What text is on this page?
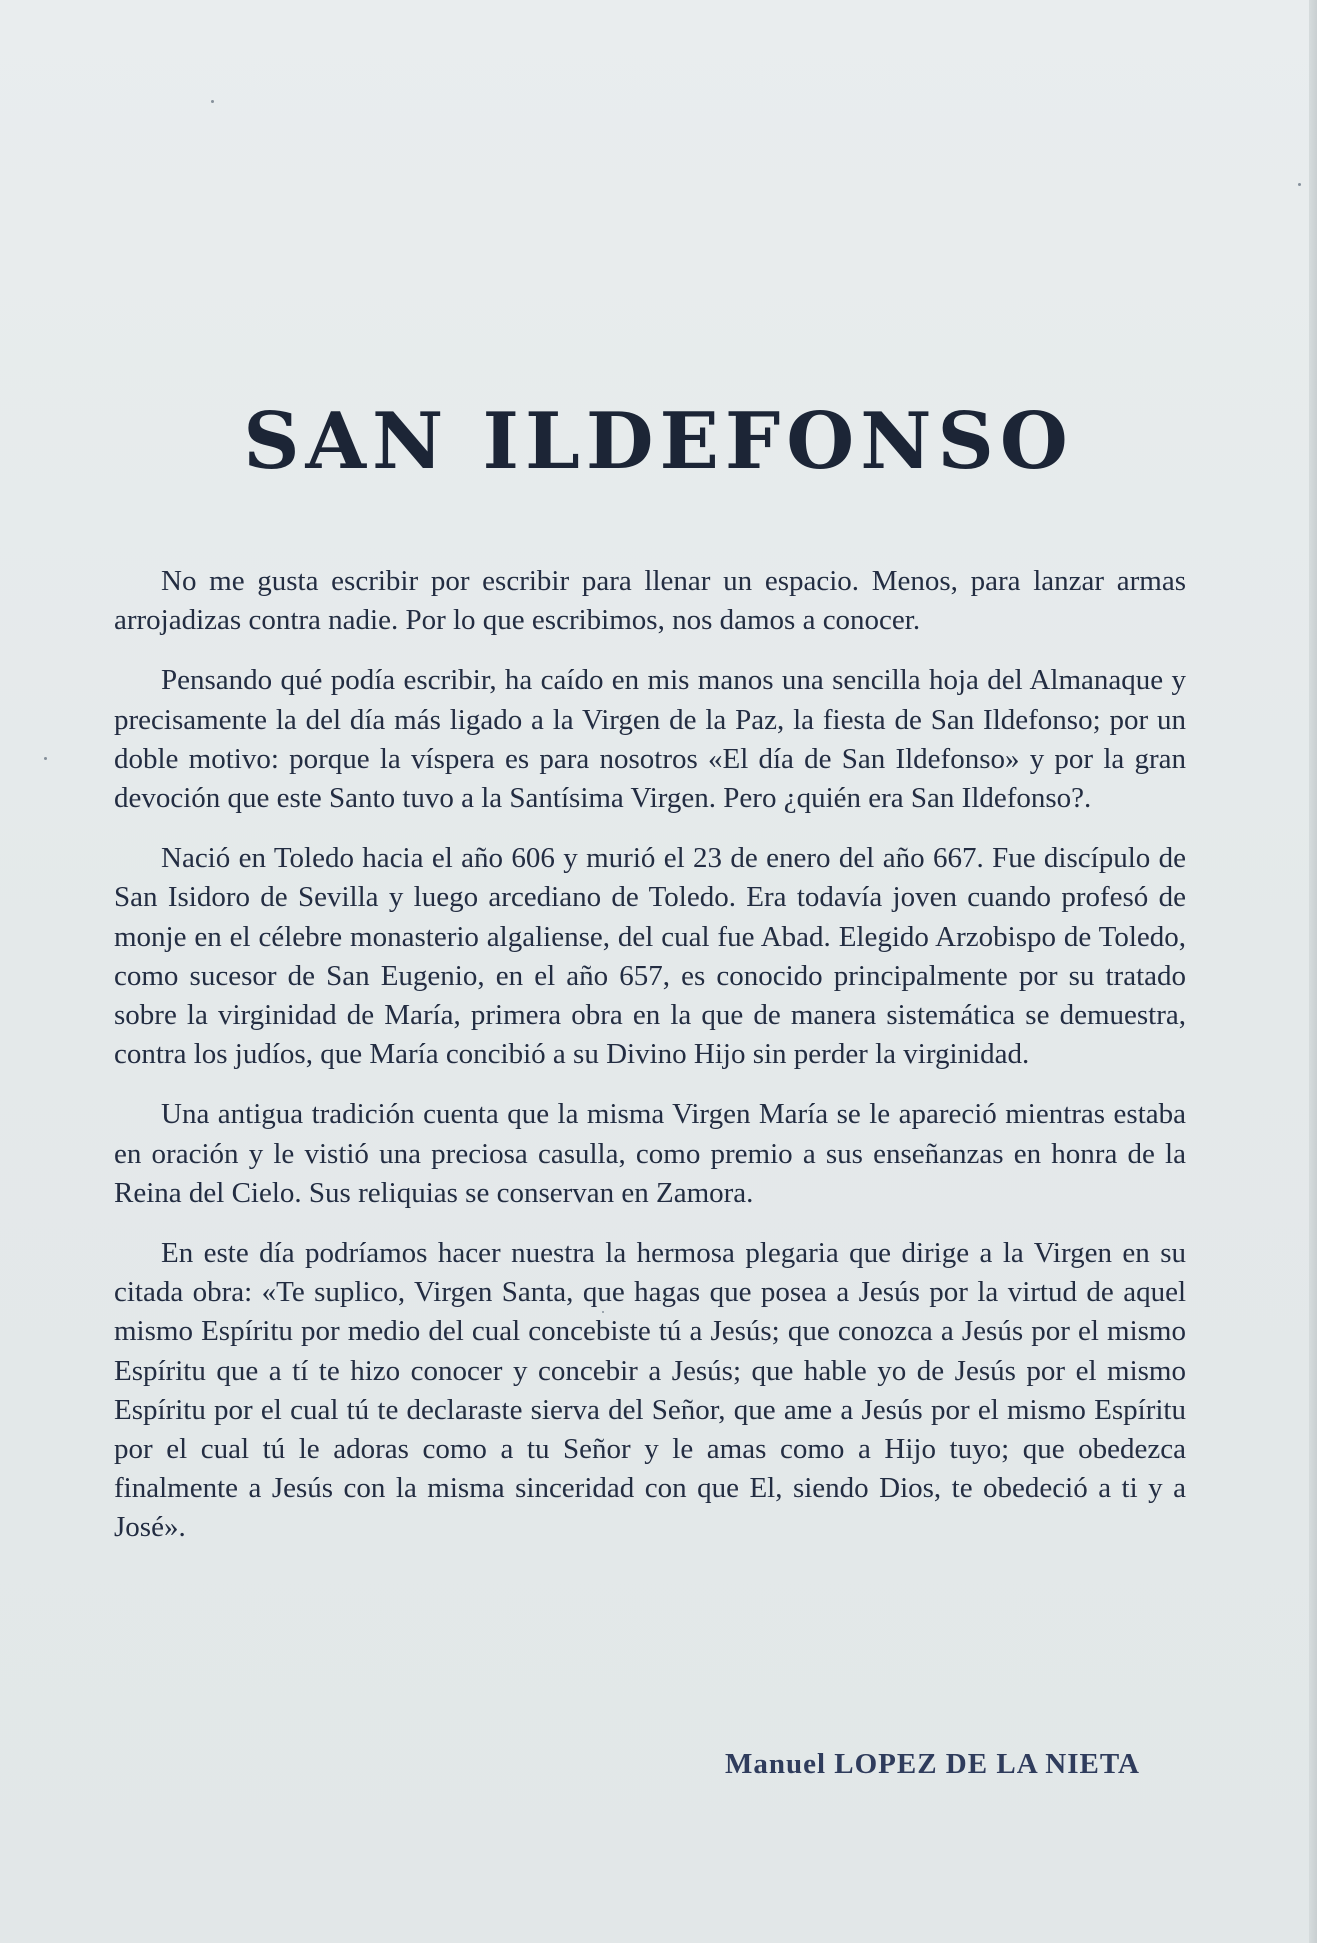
SAN ILDEFONSO

No me gusta escribir por escribir para llenar un espacio. Menos, para lanzar armas arrojadizas contra nadie. Por lo que escribimos, nos damos a conocer.

Pensando qué podía escribir, ha caído en mis manos una sencilla hoja del Almanaque y precisamente la del día más ligado a la Virgen de la Paz, la fiesta de San Ildefonso; por un doble motivo: porque la víspera es para nosotros «El día de San Ildefonso» y por la gran devoción que este Santo tuvo a la Santísima Virgen. Pero ¿quién era San Ildefonso?.

Nació en Toledo hacia el año 606 y murió el 23 de enero del año 667. Fue discípulo de San Isidoro de Sevilla y luego arcediano de Toledo. Era todavía joven cuando profesó de monje en el célebre monasterio algaliense, del cual fue Abad. Elegido Arzobispo de Toledo, como sucesor de San Eugenio, en el año 657, es conocido principalmente por su tratado sobre la virginidad de María, primera obra en la que de manera sistemática se demuestra, contra los judíos, que María concibió a su Divino Hijo sin perder la virginidad.

Una antigua tradición cuenta que la misma Virgen María se le apareció mientras estaba en oración y le vistió una preciosa casulla, como premio a sus enseñanzas en honra de la Reina del Cielo. Sus reliquias se conservan en Zamora.

En este día podríamos hacer nuestra la hermosa plegaria que dirige a la Virgen en su citada obra: «Te suplico, Virgen Santa, que hagas que posea a Jesús por la virtud de aquel mismo Espíritu por medio del cual concebiste tú a Jesús; que conozca a Jesús por el mismo Espíritu que a tí te hizo conocer y concebir a Jesús; que hable yo de Jesús por el mismo Espíritu por el cual tú te declaraste sierva del Señor, que ame a Jesús por el mismo Espíritu por el cual tú le adoras como a tu Señor y le amas como a Hijo tuyo; que obedezca finalmente a Jesús con la misma sinceridad con que El, siendo Dios, te obedeció a ti y a José».

Manuel LOPEZ DE LA NIETA
